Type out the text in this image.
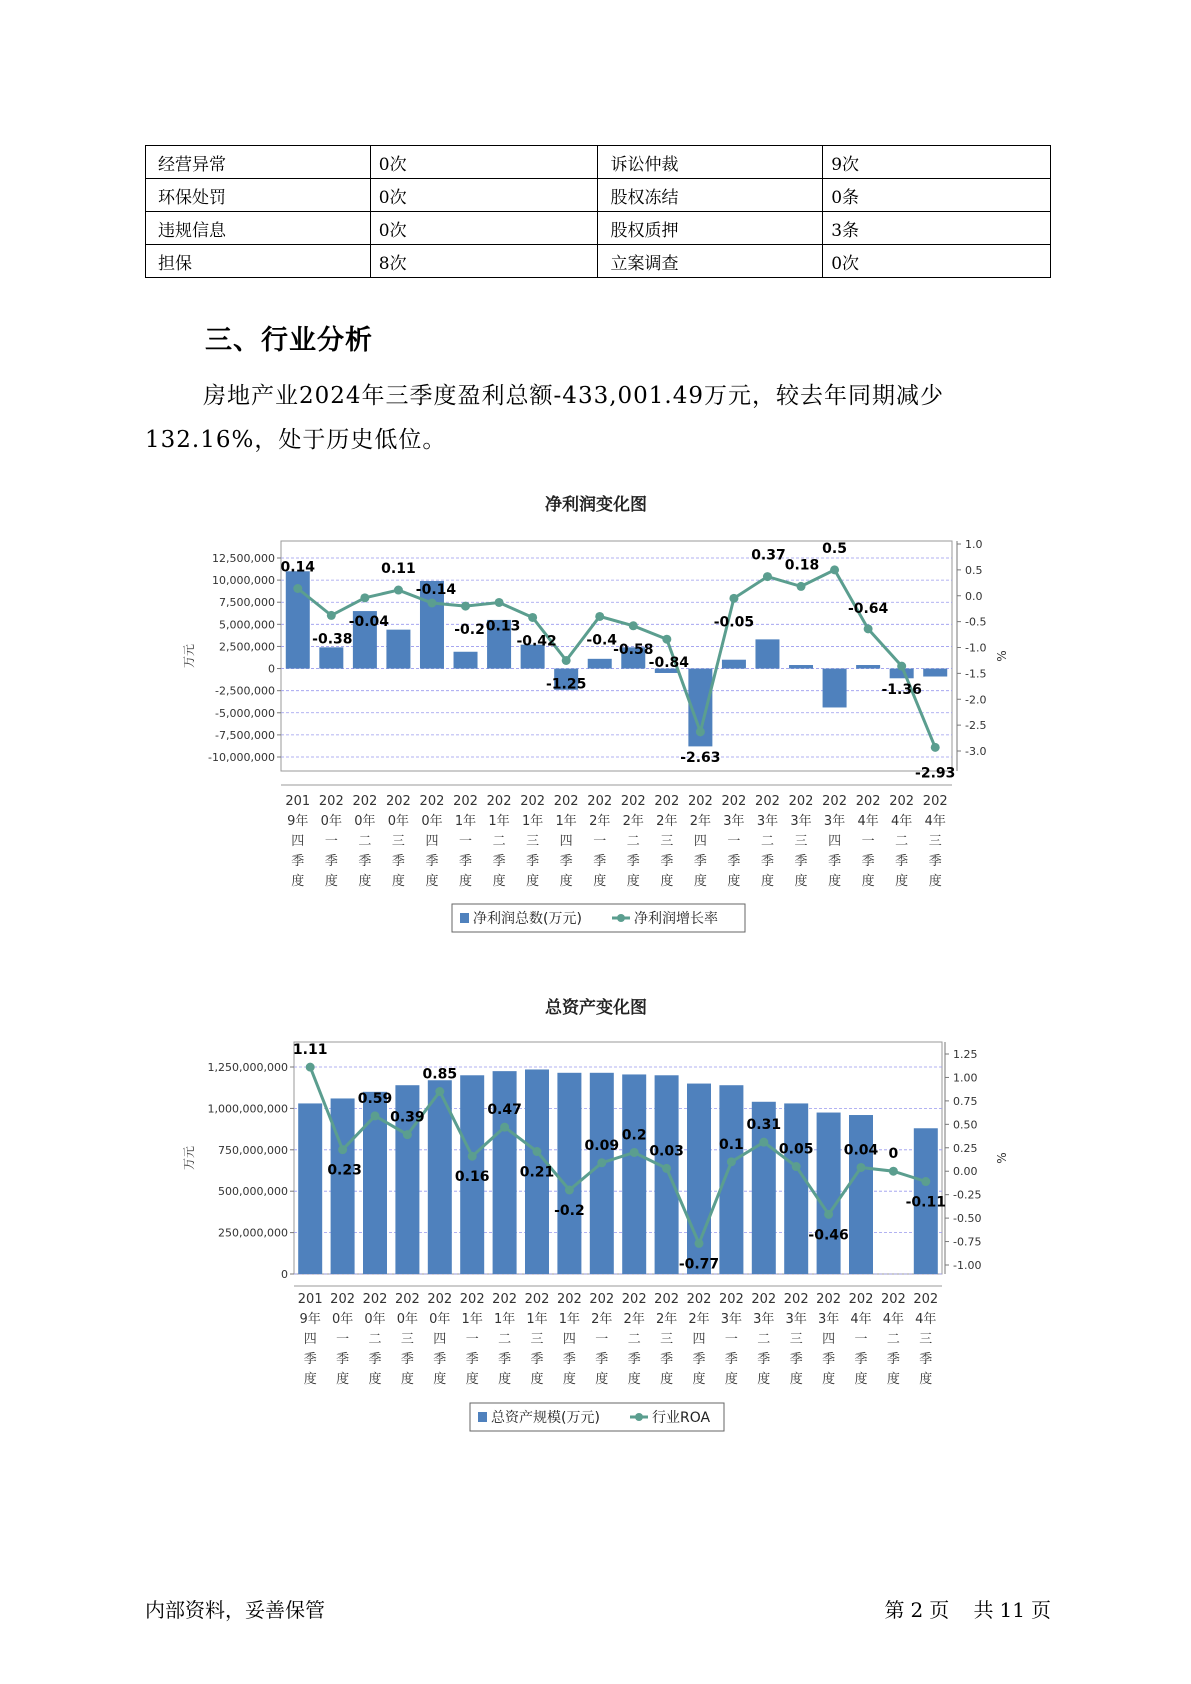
经营异常	0次	诉讼仲裁	9次
环保处罚	0次	股权冻结	0条
违规信息	0次	股权质押	3条
担保	8次	立案调查	0次
三、行业分析

房地产业2024年三季度盈利总额-433,001.49万元，较去年同期减少132.16%，处于历史低位。

净利润变化图
-10,000,000
-7,500,000
-5,000,000
-2,500,000
0
2,500,000
5,000,000
7,500,000
10,000,000
12,500,000
-3.0
-2.5
-2.0
-1.5
-1.0
-0.5
0.0
0.5
1.0
万元	%
0.14
-0.38
-0.04
0.11
-0.14
-0.2 0.13
-0.42
-1.25
-0.4
-0.58
-0.84
-2.63
-0.05
0.37
0.18
0.5
-0.64
-1.36
-2.93
201 9年四季度
202 0年一季度
202 0年二季度
202 0年三季度
202 0年四季度
202 1年一季度
202 1年二季度
202 1年三季度
202 1年四季度
202 2年一季度
202 2年二季度
202 2年三季度
202 2年四季度
202 3年一季度
202 3年二季度
202 3年三季度
202 3年四季度
202 4年一季度
202 4年二季度
202 4年三季度
净利润总数(万元)	净利润增长率
总资产变化图
0
250,000,000
500,000,000
750,000,000
1,000,000,000
1,250,000,000
-1.00
-0.75
-0.50
-0.25
0.00
0.25
0.50
0.75
1.00
1.25
万元	%
1.11
0.23
0.59
0.39
0.85
0.16
0.47
0.21
-0.2
0.09
0.2
0.03
-0.77
0.1
0.31
0.05
-0.46
0.04 0
-0.11
201 9年四季度
202 0年一季度
202 0年二季度
202 0年三季度
202 0年四季度
202 1年一季度
202 1年二季度
202 1年三季度
202 1年四季度
202 2年一季度
202 2年二季度
202 2年三季度
202 2年四季度
202 3年一季度
202 3年二季度
202 3年三季度
202 3年四季度
202 4年一季度
202 4年二季度
202 4年三季度
总资产规模(万元)	行业ROA
内部资料，妥善保管	第 2 页 共 11 页
